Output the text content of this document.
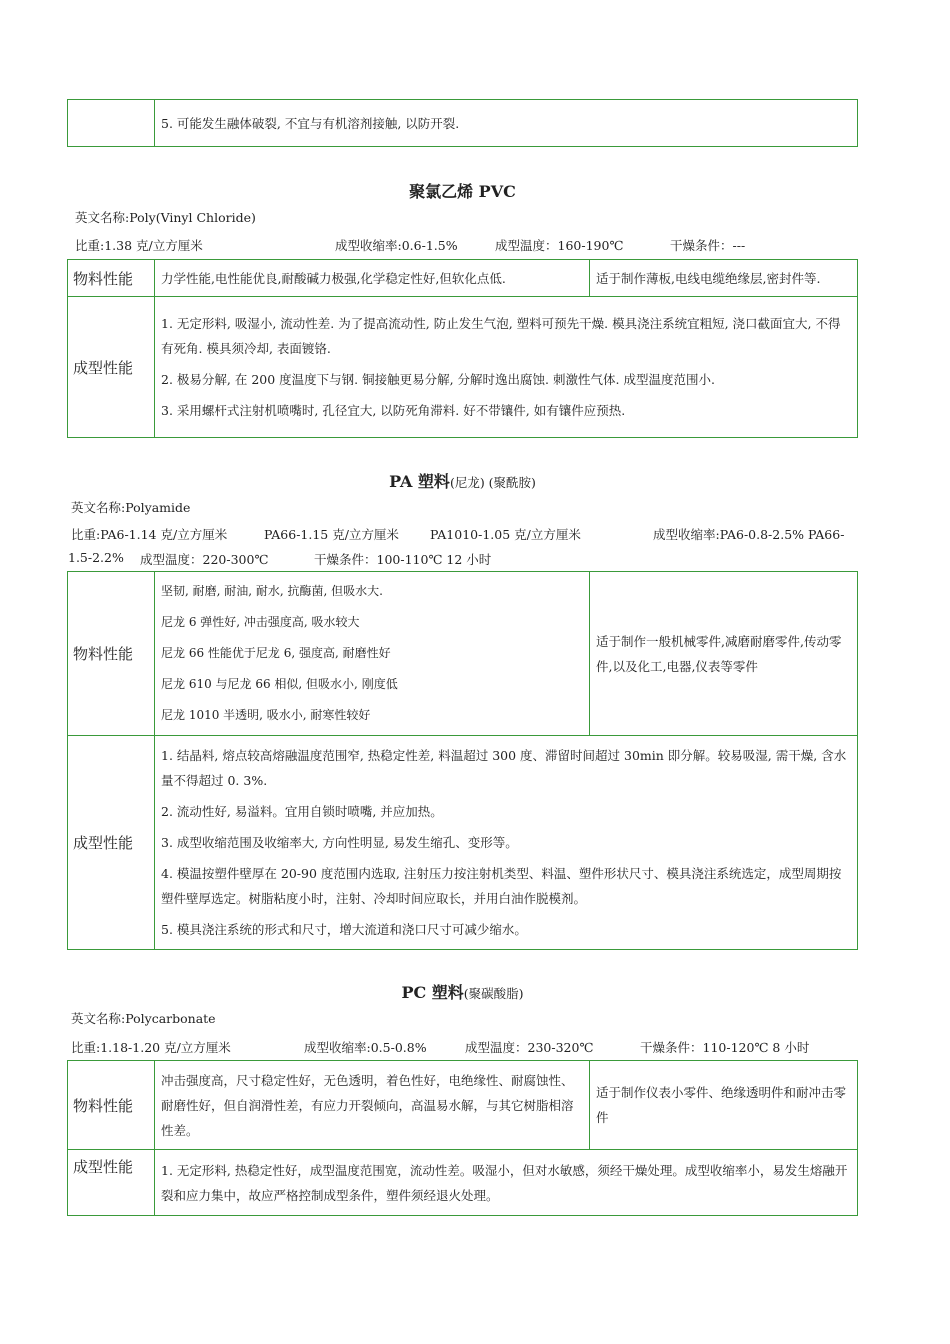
	5. 可能发生融体破裂, 不宜与有机溶剂接触, 以防开裂.
聚氯乙烯 PVC
英文名称:Poly(Vinyl Chloride)
比重:1.38 克/立方厘米	成型收缩率:0.6-1.5%	成型温度：160-190℃	干燥条件：---
物料性能	力学性能,电性能优良,耐酸碱力极强,化学稳定性好,但软化点低.	适于制作薄板,电线电缆绝缘层,密封件等.
成型性能	1. 无定形料, 吸湿小, 流动性差. 为了提高流动性, 防止发生气泡, 塑料可预先干燥. 模具浇注系统宜粗短, 浇口截面宜大, 不得有死角. 模具须冷却, 表面镀铬.

2. 极易分解, 在 200 度温度下与钢. 铜接触更易分解, 分解时逸出腐蚀. 刺激性气体. 成型温度范围小.

3. 采用螺杆式注射机喷嘴时, 孔径宜大, 以防死角滞料. 好不带镶件, 如有镶件应预热.	

PA 塑料(尼龙) (聚酰胺)
英文名称:Polyamide
比重:PA6-1.14 克/立方厘米	PA66-1.15 克/立方厘米 PA1010-1.05 克/立方厘米	成型收缩率:PA6-0.8-2.5% PA66-
1.5-2.2% 成型温度：220-300℃	干燥条件：100-110℃ 12 小时
物料性能	坚韧, 耐磨, 耐油, 耐水, 抗酶菌, 但吸水大.
尼龙 6 弹性好, 冲击强度高, 吸水较大
尼龙 66 性能优于尼龙 6, 强度高, 耐磨性好
尼龙 610 与尼龙 66 相似, 但吸水小, 刚度低
尼龙 1010 半透明, 吸水小, 耐寒性较好	适于制作一般机械零件,减磨耐磨零件,传动零件,以及化工,电器,仪表等零件
成型性能	1. 结晶料, 熔点较高熔融温度范围窄, 热稳定性差, 料温超过 300 度、滞留时间超过 30min 即分解。较易吸湿, 需干燥, 含水量不得超过 0. 3%.

2. 流动性好, 易溢料。宜用自锁时喷嘴, 并应加热。

3. 成型收缩范围及收缩率大, 方向性明显, 易发生缩孔、变形等。

4. 模温按塑件壁厚在 20-90 度范围内选取, 注射压力按注射机类型、料温、塑件形状尺寸、模具浇注系统选定，成型周期按塑件壁厚选定。树脂粘度小时，注射、冷却时间应取长，并用白油作脱模剂。

5. 模具浇注系统的形式和尺寸，增大流道和浇口尺寸可减少缩水。	

PC 塑料(聚碳酸脂)
英文名称:Polycarbonate
比重:1.18-1.20 克/立方厘米	成型收缩率:0.5-0.8%	成型温度：230-320℃	干燥条件：110-120℃ 8 小时
物料性能	冲击强度高，尺寸稳定性好，无色透明，着色性好，电绝缘性、耐腐蚀性、耐磨性好，但自润滑性差，有应力开裂倾向，高温易水解，与其它树脂相溶性差。	适于制作仪表小零件、绝缘透明件和耐冲击零件
成型性能	1. 无定形料, 热稳定性好，成型温度范围宽，流动性差。吸湿小，但对水敏感，须经干燥处理。成型收缩率小，易发生熔融开裂和应力集中，故应严格控制成型条件，塑件须经退火处理。	
